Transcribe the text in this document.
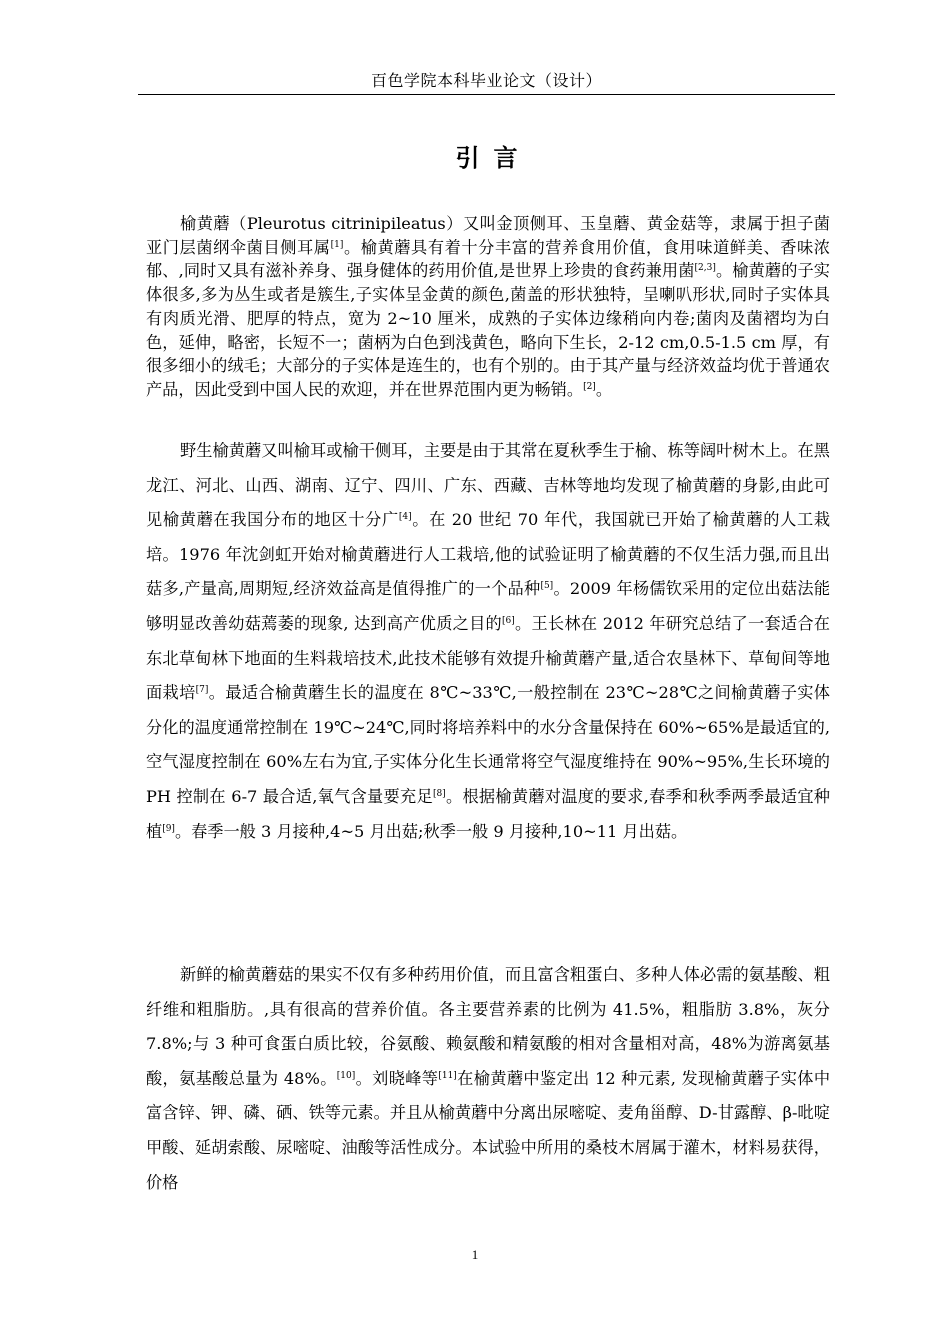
百色学院本科毕业论文（设计）
引言

榆黄蘑（Pleurotus citrinipileatus）又叫金顶侧耳、玉皇蘑、黄金菇等，隶属于担子菌亚门层菌纲伞菌目侧耳属[1]。榆黄蘑具有着十分丰富的营养食用价值，食用味道鲜美、香味浓郁、,同时又具有滋补养身、强身健体的药用价值,是世界上珍贵的食药兼用菌[2,3]。榆黄蘑的子实体很多,多为丛生或者是簇生,子实体呈金黄的颜色,菌盖的形状独特，呈喇叭形状,同时子实体具有肉质光滑、肥厚的特点，宽为 2~10 厘米，成熟的子实体边缘稍向内卷;菌肉及菌褶均为白色，延伸，略密，长短不一；菌柄为白色到浅黄色，略向下生长，2-12 cm,0.5-1.5 cm 厚，有很多细小的绒毛；大部分的子实体是连生的，也有个别的。由于其产量与经济效益均优于普通农产品，因此受到中国人民的欢迎，并在世界范围内更为畅销。[2]。

野生榆黄蘑又叫榆耳或榆干侧耳，主要是由于其常在夏秋季生于榆、栋等阔叶树木上。在黑龙江、河北、山西、湖南、辽宁、四川、广东、西藏、吉林等地均发现了榆黄蘑的身影,由此可见榆黄蘑在我国分布的地区十分广[4]。在 20 世纪 70 年代，我国就已开始了榆黄蘑的人工栽培。1976 年沈剑虹开始对榆黄蘑进行人工栽培,他的试验证明了榆黄蘑的不仅生活力强,而且出菇多,产量高,周期短,经济效益高是值得推广的一个品种[5]。2009 年杨儒钦采用的定位出菇法能够明显改善幼菇蔫萎的现象, 达到高产优质之目的[6]。王长林在 2012 年研究总结了一套适合在东北草甸林下地面的生料栽培技术,此技术能够有效提升榆黄蘑产量,适合农垦林下、草甸间等地面栽培[7]。最适合榆黄蘑生长的温度在 8℃~33℃,一般控制在 23℃~28℃之间榆黄蘑子实体分化的温度通常控制在 19℃~24℃,同时将培养料中的水分含量保持在 60%~65%是最适宜的,空气湿度控制在 60%左右为宜,子实体分化生长通常将空气湿度维持在 90%~95%,生长环境的 PH 控制在 6-7 最合适,氧气含量要充足[8]。根据榆黄蘑对温度的要求,春季和秋季两季最适宜种植[9]。春季一般 3 月接种,4~5 月出菇;秋季一般 9 月接种,10~11 月出菇。

新鲜的榆黄蘑菇的果实不仅有多种药用价值，而且富含粗蛋白、多种人体必需的氨基酸、粗纤维和粗脂肪。,具有很高的营养价值。各主要营养素的比例为 41.5%，粗脂肪 3.8%，灰分 7.8%;与 3 种可食蛋白质比较，谷氨酸、赖氨酸和精氨酸的相对含量相对高，48%为游离氨基酸，氨基酸总量为 48%。[10]。刘晓峰等[11]在榆黄蘑中鉴定出 12 种元素, 发现榆黄蘑子实体中富含锌、钾、磷、硒、铁等元素。并且从榆黄蘑中分离出尿嘧啶、麦角甾醇、D-甘露醇、β-吡啶甲酸、延胡索酸、尿嘧啶、油酸等活性成分。本试验中所用的桑枝木屑属于灌木，材料易获得，价格

1
